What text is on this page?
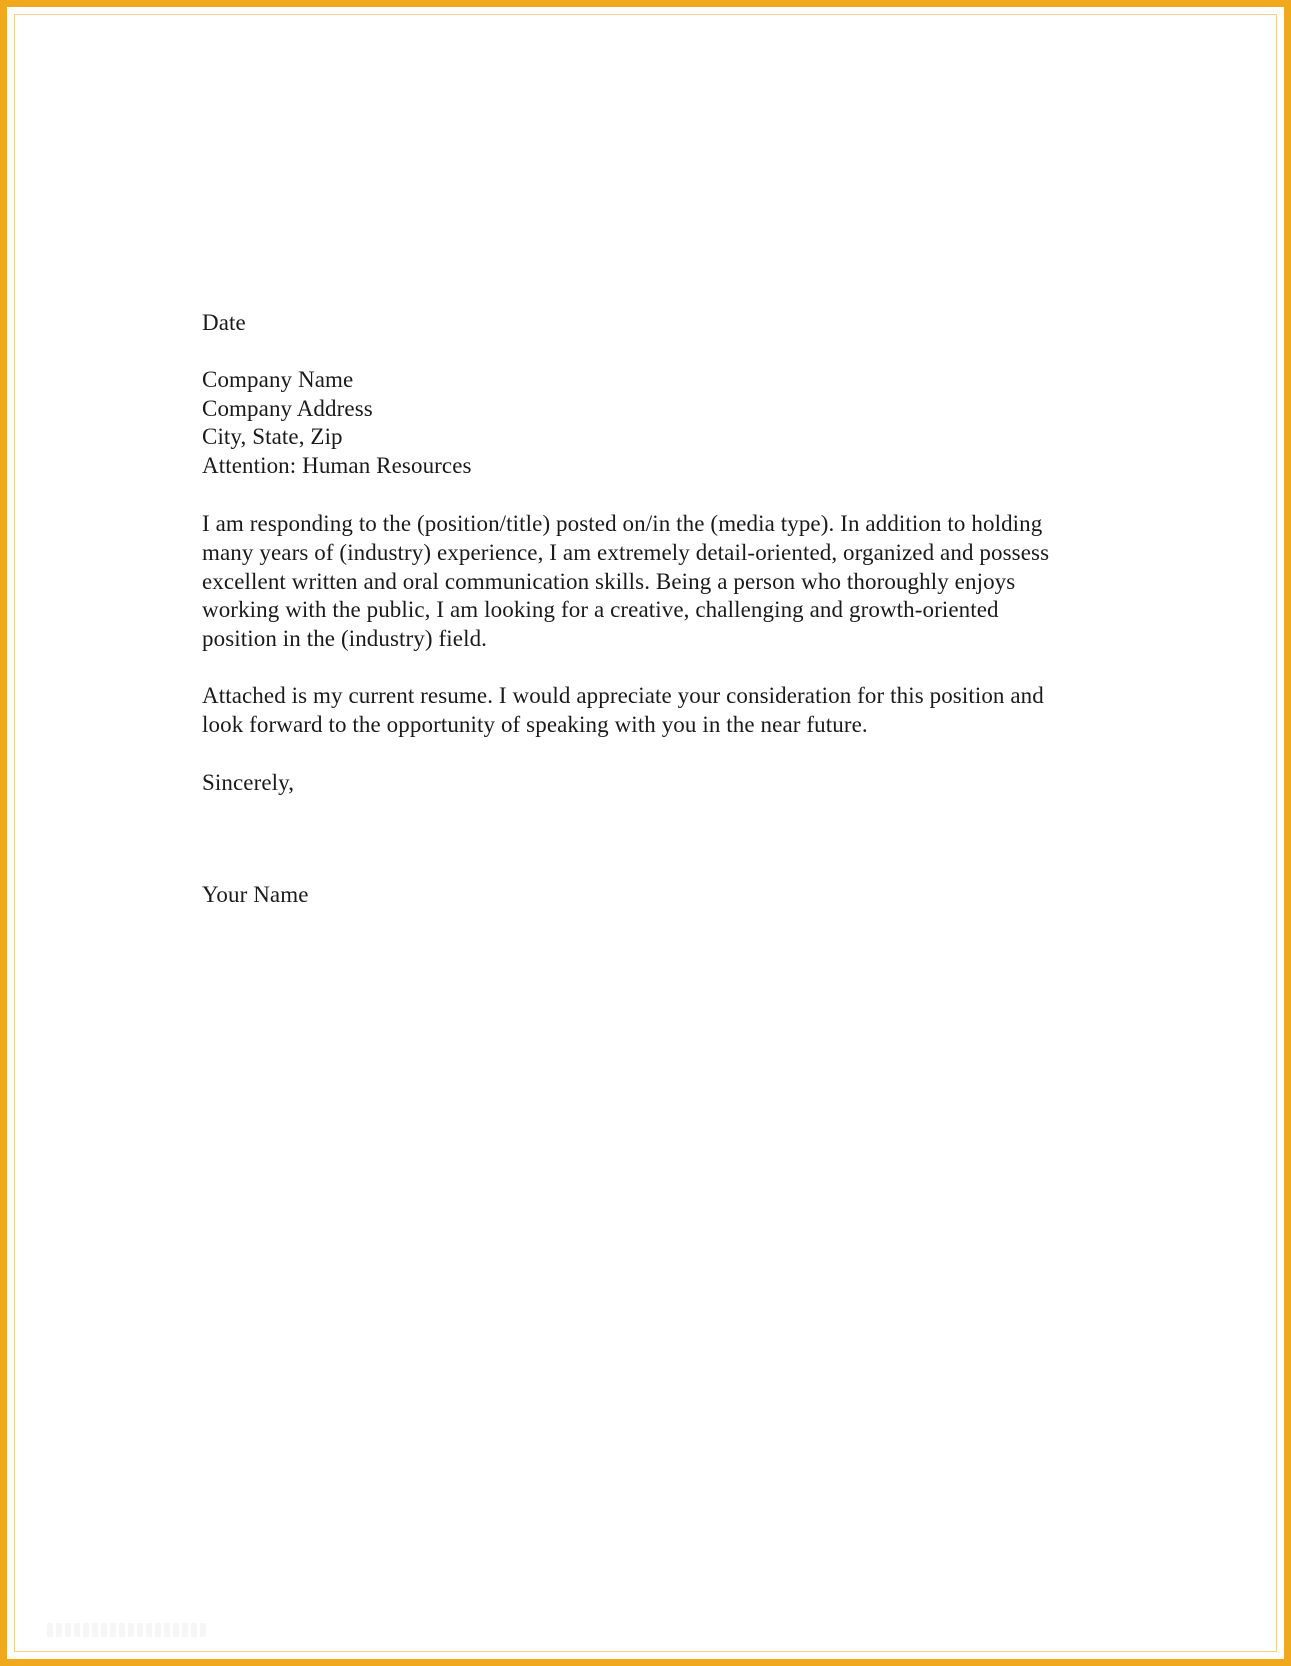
Date
Company Name
Company Address
City, State, Zip
Attention: Human Resources
I am responding to the (position/title) posted on/in the (media type). In addition to holding
many years of (industry) experience, I am extremely detail-oriented, organized and possess
excellent written and oral communication skills. Being a person who thoroughly enjoys
working with the public, I am looking for a creative, challenging and growth-oriented
position in the (industry) field.
Attached is my current resume. I would appreciate your consideration for this position and
look forward to the opportunity of speaking with you in the near future.
Sincerely,
Your Name
